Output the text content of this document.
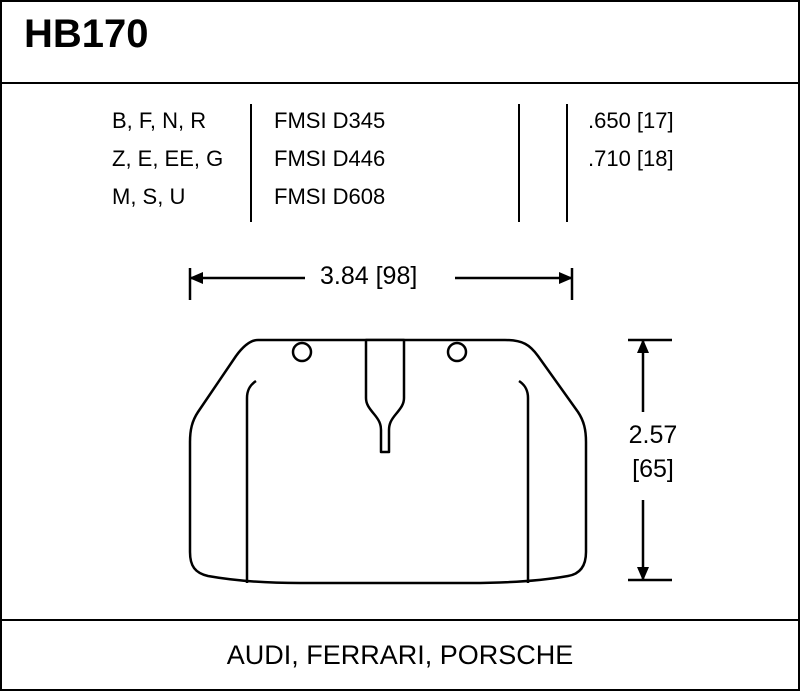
HB170
B, F, N, R
Z, E, EE, G
M, S, U
FMSI D345
FMSI D446
FMSI D608
.650 [17]
.710 [18]
3.84 [98]
2.57
[65]
AUDI, FERRARI, PORSCHE
